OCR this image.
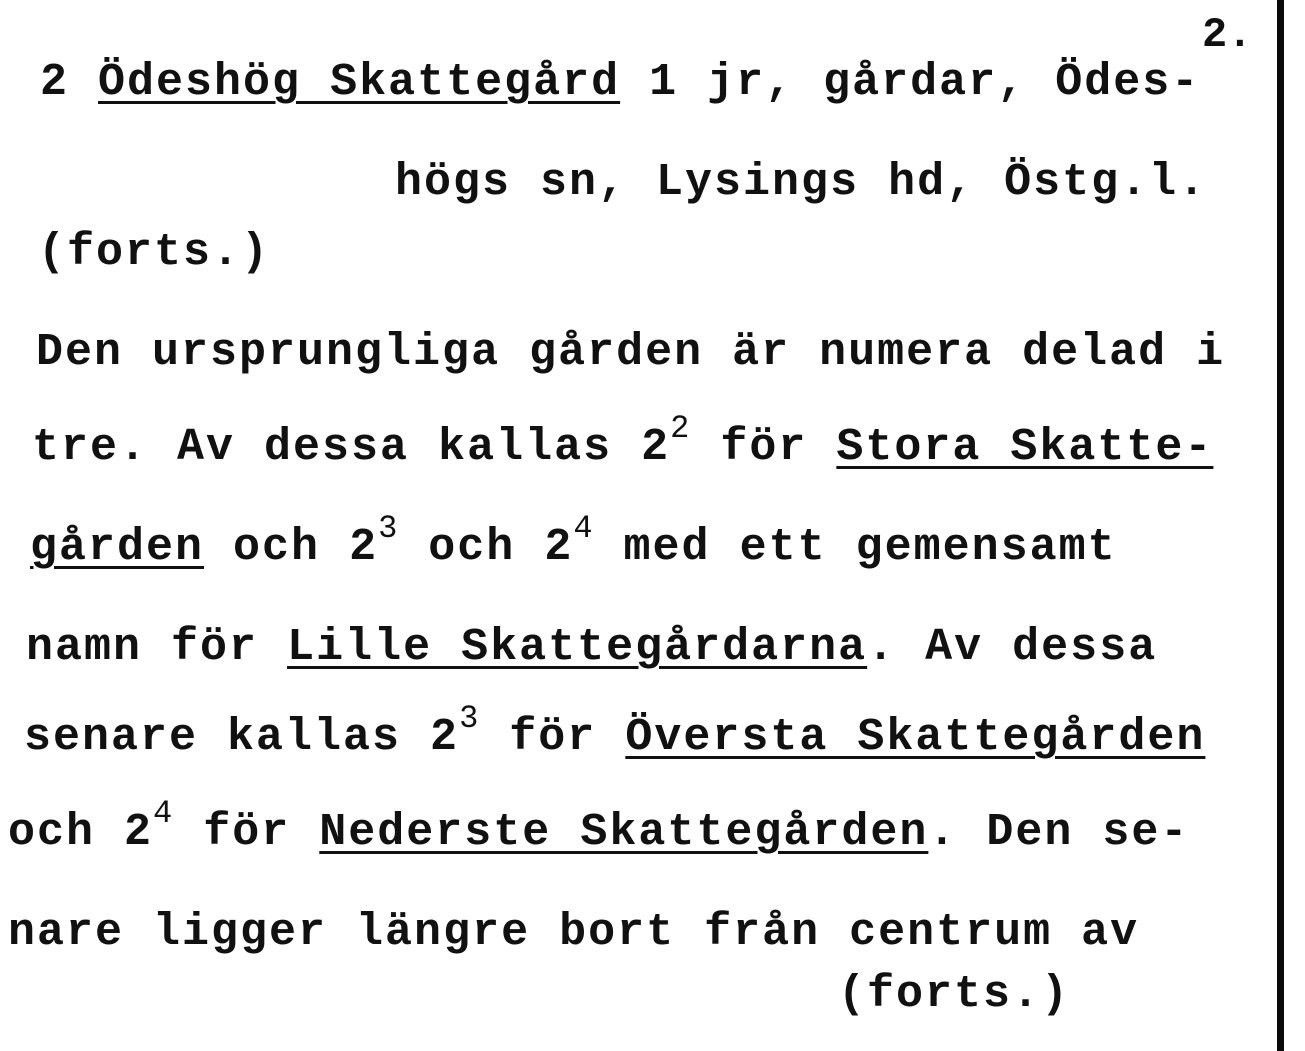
2.
2 Ödeshög Skattegård 1 jr, gårdar, Ödes-
högs sn, Lysings hd, Östg.l.
(forts.)
Den ursprungliga gården är numera delad i
tre. Av dessa kallas $2^2$ för Stora Skatte-
gården och $2^3$ och $2^4$ med ett gemensamt
namn för Lille Skattegårdarna. Av dessa
senare kallas $2^3$ för Översta Skattegården
och $2^4$ för Nederste Skattegården. Den se-
nare ligger längre bort från centrum av
(forts.)
